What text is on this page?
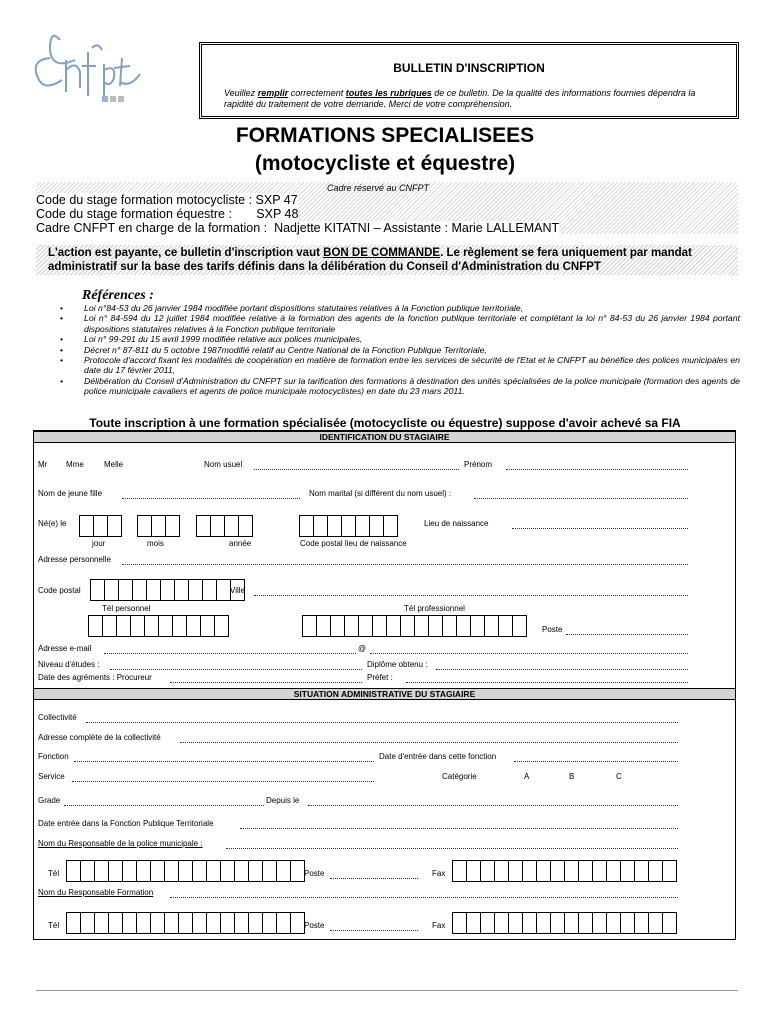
BULLETIN D'INSCRIPTION
Veuillez remplir correctement toutes les rubriques de ce bulletin. De la qualité des informations fournies dépendra la rapidité du traitement de votre demande. Merci de votre compréhension.
FORMATIONS SPECIALISEES
(motocycliste et équestre)
Cadre réservé au CNFPT
Code du stage formation motocycliste : SXP 47
Code du stage formation équestre :       SXP 48
Cadre CNFPT en charge de la formation :  Nadjette KITATNI – Assistante : Marie LALLEMANT
L'action est payante, ce bulletin d'inscription vaut BON DE COMMANDE. Le règlement se fera uniquement par mandat administratif sur la base des tarifs définis dans la délibération du Conseil d'Administration du CNFPT
Références :
• Loi n°84-53 du 26 janvier 1984 modifiée portant dispositions statutaires relatives à la Fonction publique territoriale,
• Loi n° 84-594 du 12 juillet 1984 modifiée relative à la formation des agents de la fonction publique territoriale et complétant la loi n° 84-53 du 26 janvier 1984 portant dispositions statutaires relatives à la Fonction publique territoriale
• Loi n° 99-291 du 15 avril 1999 modifiée relative aux polices municipales,
• Décret n° 87-811 du 5 octobre 1987modifié relatif au Centre National de la Fonction Publique Territoriale,
• Protocole d'accord fixant les modalités de coopération en matière de formation entre les services de sécurité de l'Etat et le CNFPT au bénéfice des polices municipales en date du 17 février 2011,
• Délibération du Conseil d'Administration du CNFPT sur la tarification des formations à destination des unités spécialisées de la police municipale (formation des agents de police municipale cavaliers et agents de police municipale motocyclistes) en date du 23 mars 2011.
Toute inscription à une formation spécialisée (motocycliste ou équestre) suppose d'avoir achevé sa FIA
IDENTIFICATION DU STAGIAIRE
Mr Mme	Melle	Nom usuel	Prénom
Nom de jeune fille	Nom marital (si différent du nom usuel) :
Né(e) le	Lieu de naissance
jour	mois	année	Code postal lieu de naissance
Adresse personnelle
Code postal	Ville
Tél personnel	Tél professionnel
Poste
Adresse e-mail	@
Niveau d'études :	Diplôme obtenu :
Date des agréments : Procureur	Préfet :
SITUATION ADMINISTRATIVE DU STAGIAIRE
Collectivité
Adresse complète de la collectivité
Fonction	Date d'entrée dans cette fonction
Service	Catégorie	A	B	C
Grade	Depuis le
Date entrée dans la Fonction Publique Territoriale
Nom du Responsable de la police municipale :
Tél	Poste	Fax
Nom du Responsable Formation
Tél	Poste	Fax
